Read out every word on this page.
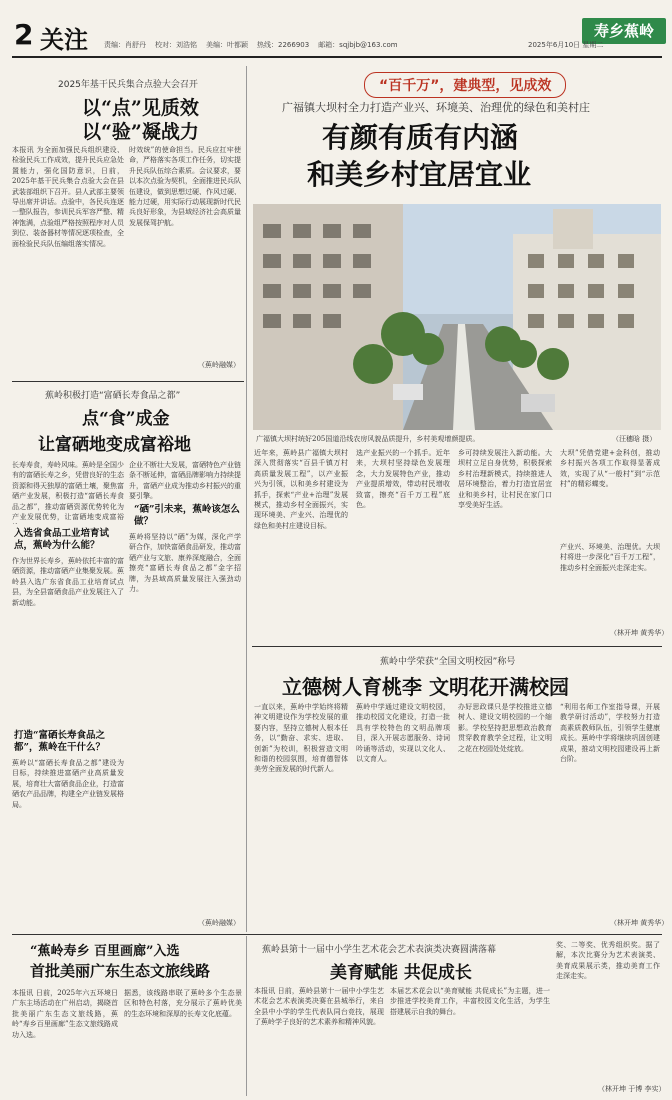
2 关注 责编：肖舒丹 校对：刘浩铭 美编：叶都颖 热线：2266903 邮箱：sqjbjb@163.com
寿乡蕉岭
2025年6月10日 星期二
2025年基干民兵集合点验大会召开
以“点”见质效
以“验”凝战力
本报讯 为全面加强民兵组织建设、检验民兵工作成效，提升民兵应急处置能力，强化国防意识，日前，2025年基干民兵集合点验大会在县武装部组织下召开。县人武部主要领导出席并讲话。点验中，各民兵连逐一整队报告，参训民兵军容严整、精神饱满，点验组严格按照程序对人员到位、装备器材等情况逐项检查，全面检验民兵队伍编组落实情况。
时效统”的使命担当。民兵应扛牢使命，严格落实各项工作任务，切实提升民兵队伍综合素质。会议要求，要以本次点验为契机，全面推进民兵队伍建设，做到思想过硬、作风过硬、能力过硬，用实际行动展现新时代民兵良好形象，为县域经济社会高质量发展保驾护航。
（蕉岭融媒）
蕉岭积极打造“富硒长寿食品之都”
点“食”成金
让富硒地变成富裕地
长寿寿食，寿岭风味。蕉岭是全国少有的富硒长寿之乡，凭借良好的生态资源和得天独厚的富硒土壤，聚焦富硒产业发展，积极打造“富硒长寿食品之都”，推动富硒资源优势转化为产业发展优势，让富硒地变成富裕
入选省食品工业培育试点，蕉岭为什么能？
作为世界长寿乡，蕉岭依托丰富的富硒资源，推动富硒产业集聚发展。蕉岭县入选广东省食品工业培育试点县，为全县富硒食品产业发展注入了新动能。
打造“富硒长寿食品之都”，蕉岭在干什么？
蕉岭以“富硒长寿食品之都”建设为目标，持续推进富硒产业高质量发展，培育壮大富硒食品企业，打造富硒农产品品牌，构建全产业链发展格局。
企业不断壮大发展，富硒特色产业链条不断延伸，富硒品牌影响力持续提升，富硒产业成为推动乡村振兴的重要引擎。
“硒”引未来，蕉岭该怎么做？
蕉岭将坚持以“硒”为媒，深化产学研合作，加快富硒食品研发，推动富硒产业与文旅、康养深度融合，全面擦亮“富硒长寿食品之都”金字招牌，为县域高质量发展注入强劲动力。
（蕉岭融媒）
“百千万”，建典型，见成效
广福镇大坝村全力打造产业兴、环境美、治理优的绿色和美村庄
有颜有质有内涵
和美乡村宜居宜业
广福镇大坝村统好205国道沿线农房风貌品质提升，乡村美观增颜提质。	（汪穗晗 摄）
近年来，蕉岭县广福镇大坝村深入贯彻落实“百县千镇万村高质量发展工程”，以产业振兴为引领，以和美乡村建设为抓手，探索“产业+治理”发展模式，推动乡村全面振兴，实现环境美、产业兴、治理优的绿色和美村庄建设目标。
选产业振兴的一个抓手。近年来，大坝村坚持绿色发展理念，大力发展特色产业，推动产业提质增效，带动村民增收致富，擦亮“百千万工程”底色。
乡可持续发展注入新动能。大坝村立足自身优势，积极探索乡村治理新模式，持续推进人居环境整治，着力打造宜居宜业和美乡村，让村民在家门口享受美好生活。
大坝”凭借党建+金科创，推动乡村振兴各项工作取得显著成效，实现了从“一般村”到“示范村”的精彩蝶变。
产业兴、环境美、治理优。大坝村将进一步深化“百千万工程”，推动乡村全面振兴走深走实。
（林开坤 黄秀华）
蕉岭中学荣获“全国文明校园”称号
立德树人育桃李 文明花开满校园
一直以来，蕉岭中学始终将精神文明建设作为学校发展的重要内容，坚持立德树人根本任务，以“勤奋、求实、进取、创新”为校训，积极营造文明和谐的校园氛围，培育德智体美劳全面发展的时代新人。
蕉岭中学通过建设文明校园，推动校园文化建设，打造一批具有学校特色的文明品牌项目，深入开展志愿服务、诗词吟诵等活动，实现以文化人、以文育人。
办好思政课只是学校推进立德树人、建设文明校园的一个缩影。学校坚持把思想政治教育贯穿教育教学全过程，让文明之花在校园处处绽放。
“利用名师工作室指导课，开展教学研讨活动”，学校努力打造高素质教师队伍，引领学生健康成长。蕉岭中学将继续巩固创建成果，推动文明校园建设再上新台阶。
（林开坤 黄秀华）
“蕉岭寿乡 百里画廊”入选
首批美丽广东生态文旅线路
本报讯 日前，2025年六五环境日广东主场活动在广州启动，揭晓首批美丽广东生态文旅线路，蕉岭“寿乡百里画廊”生态文旅线路成功入选。
据悉，该线路串联了蕉岭多个生态景区和特色村落，充分展示了蕉岭优美的生态环境和深厚的长寿文化底蕴。
蕉岭县第十一届中小学生艺术花会艺术表演类决赛圆满落幕
美育赋能 共促成长
本报讯 日前，蕉岭县第十一届中小学生艺术花会艺术表演类决赛在县城举行，来自全县中小学的学生代表队同台竞技，展现了蕉岭学子良好的艺术素养和精神风貌。
本届艺术花会以“美育赋能 共促成长”为主题，进一步推进学校美育工作，丰富校园文化生活，为学生搭建展示自我的舞台。
奖、二等奖、优秀组织奖。据了解，本次比赛分为艺术表演类、美育成果展示类，推动美育工作走深走实。
（林开坤 于博 李实）
